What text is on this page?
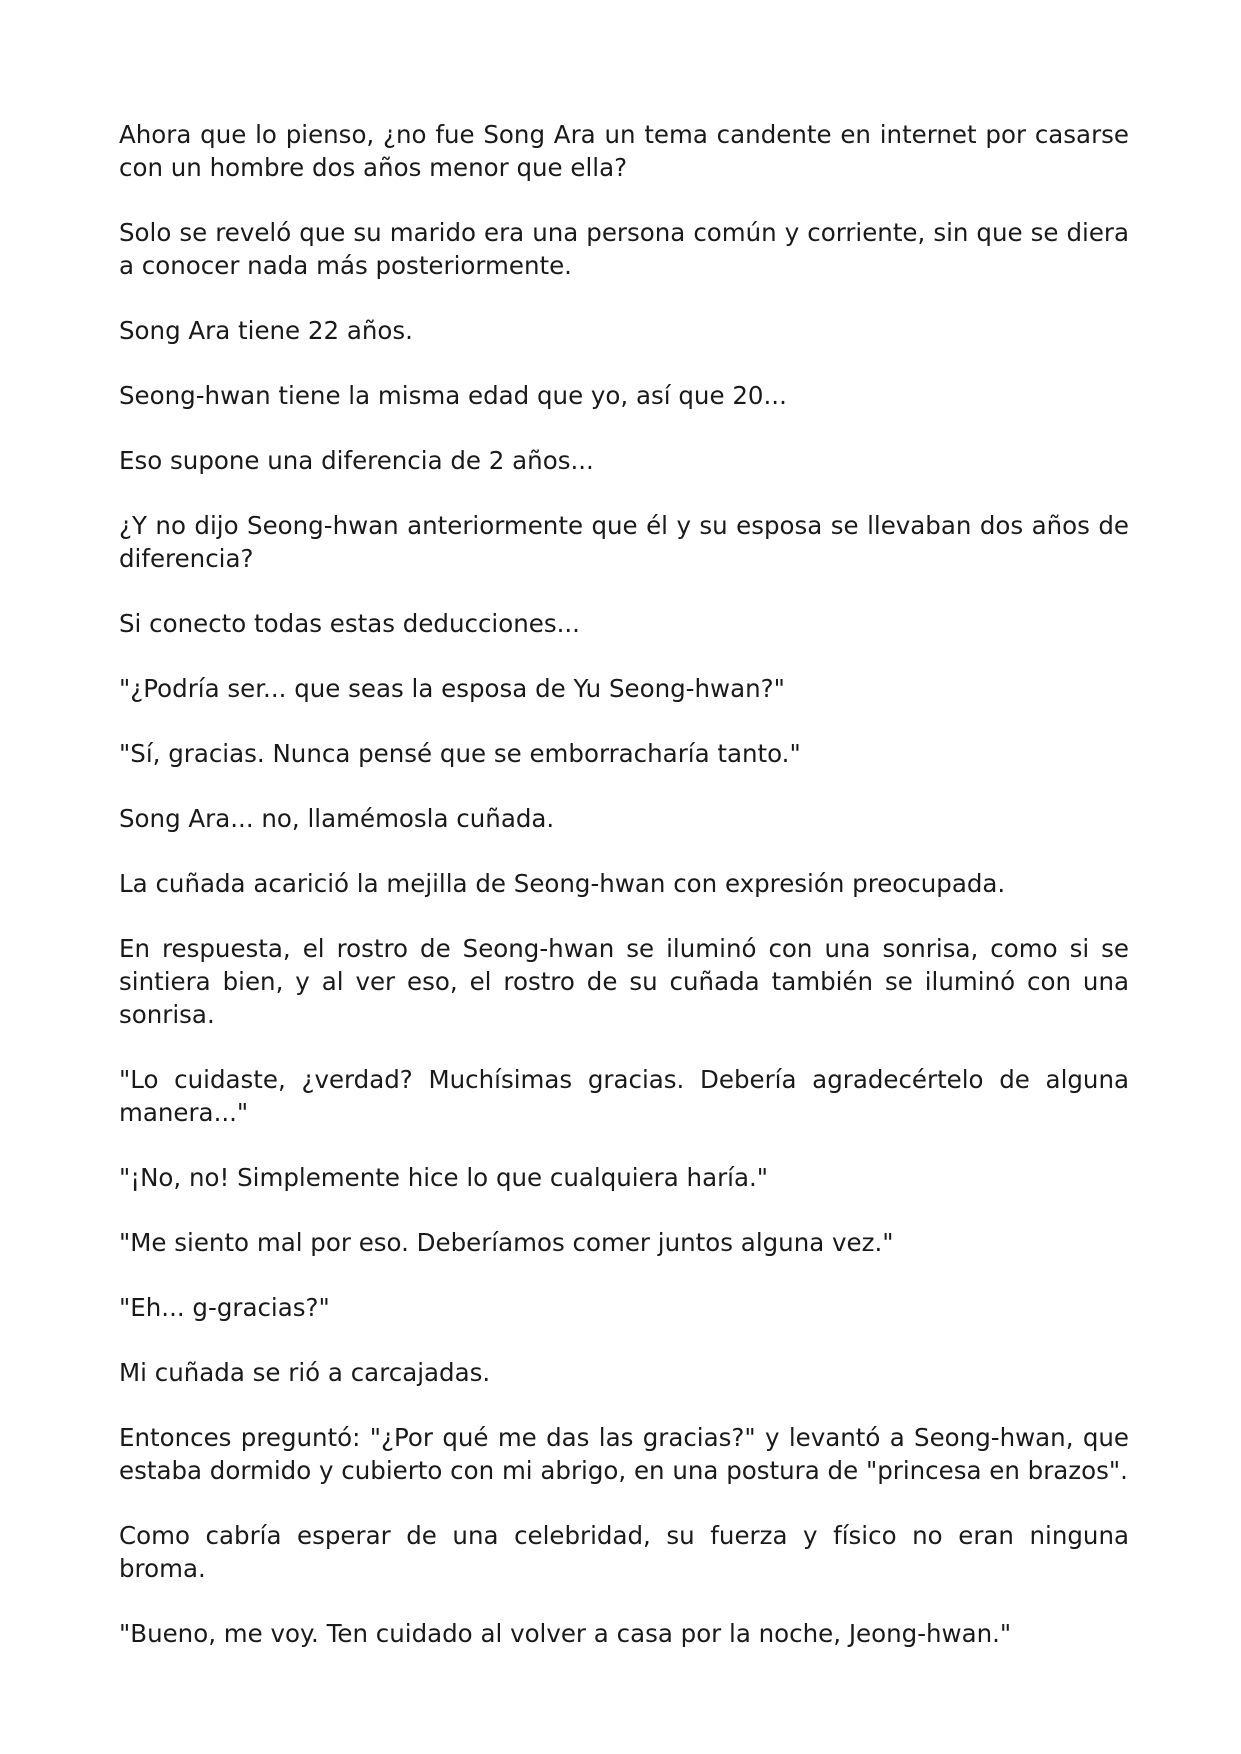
Ahora que lo pienso, ¿no fue Song Ara un tema candente en internet por casarse con un hombre dos años menor que ella?

Solo se reveló que su marido era una persona común y corriente, sin que se diera a conocer nada más posteriormente.

Song Ara tiene 22 años.

Seong-hwan tiene la misma edad que yo, así que 20...

Eso supone una diferencia de 2 años...

¿Y no dijo Seong-hwan anteriormente que él y su esposa se llevaban dos años de diferencia?

Si conecto todas estas deducciones...

"¿Podría ser... que seas la esposa de Yu Seong-hwan?"

"Sí, gracias. Nunca pensé que se emborracharía tanto."

Song Ara... no, llamémosla cuñada.

La cuñada acarició la mejilla de Seong-hwan con expresión preocupada.

En respuesta, el rostro de Seong-hwan se iluminó con una sonrisa, como si se sintiera bien, y al ver eso, el rostro de su cuñada también se iluminó con una sonrisa.

"Lo cuidaste, ¿verdad? Muchísimas gracias. Debería agradecértelo de alguna manera..."

"¡No, no! Simplemente hice lo que cualquiera haría."

"Me siento mal por eso. Deberíamos comer juntos alguna vez."

"Eh... g-gracias?"

Mi cuñada se rió a carcajadas.

Entonces preguntó: "¿Por qué me das las gracias?" y levantó a Seong-hwan, que estaba dormido y cubierto con mi abrigo, en una postura de "princesa en brazos".

Como cabría esperar de una celebridad, su fuerza y físico no eran ninguna broma.

"Bueno, me voy. Ten cuidado al volver a casa por la noche, Jeong-hwan."
